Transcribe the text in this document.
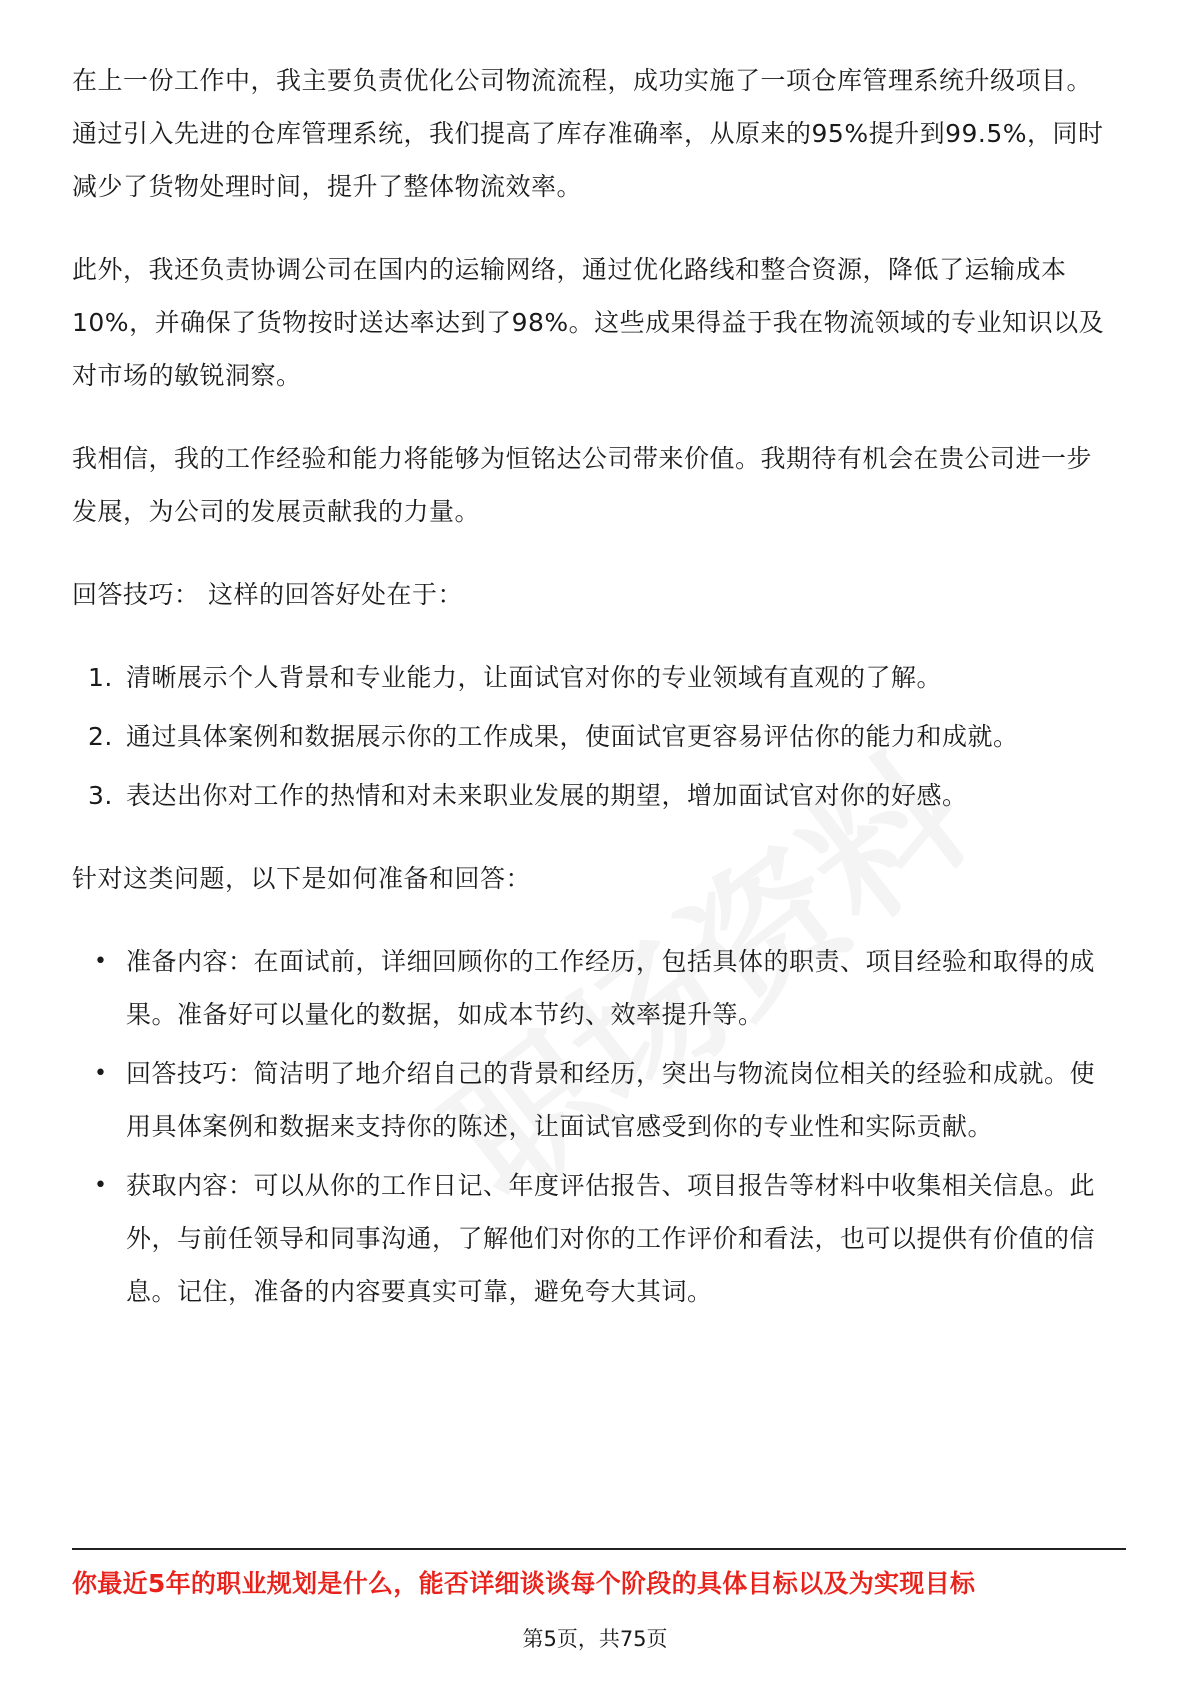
在上一份工作中，我主要负责优化公司物流流程，成功实施了一项仓库管理系统升级项目。通过引入先进的仓库管理系统，我们提高了库存准确率，从原来的95%提升到99.5%，同时减少了货物处理时间，提升了整体物流效率。

此外，我还负责协调公司在国内的运输网络，通过优化路线和整合资源，降低了运输成本10%，并确保了货物按时送达率达到了98%。这些成果得益于我在物流领域的专业知识以及对市场的敏锐洞察。

我相信，我的工作经验和能力将能够为恒铭达公司带来价值。我期待有机会在贵公司进一步发展，为公司的发展贡献我的力量。

回答技巧： 这样的回答好处在于：

1. 清晰展示个人背景和专业能力，让面试官对你的专业领域有直观的了解。
2. 通过具体案例和数据展示你的工作成果，使面试官更容易评估你的能力和成就。
3. 表达出你对工作的热情和对未来职业发展的期望，增加面试官对你的好感。

针对这类问题，以下是如何准备和回答：

• 准备内容：在面试前，详细回顾你的工作经历，包括具体的职责、项目经验和取得的成果。准备好可以量化的数据，如成本节约、效率提升等。
• 回答技巧：简洁明了地介绍自己的背景和经历，突出与物流岗位相关的经验和成就。使用具体案例和数据来支持你的陈述，让面试官感受到你的专业性和实际贡献。
• 获取内容：可以从你的工作日记、年度评估报告、项目报告等材料中收集相关信息。此外，与前任领导和同事沟通，了解他们对你的工作评价和看法，也可以提供有价值的信息。记住，准备的内容要真实可靠，避免夸大其词。
你最近5年的职业规划是什么，能否详细谈谈每个阶段的具体目标以及为实现目标
第5页，共75页
